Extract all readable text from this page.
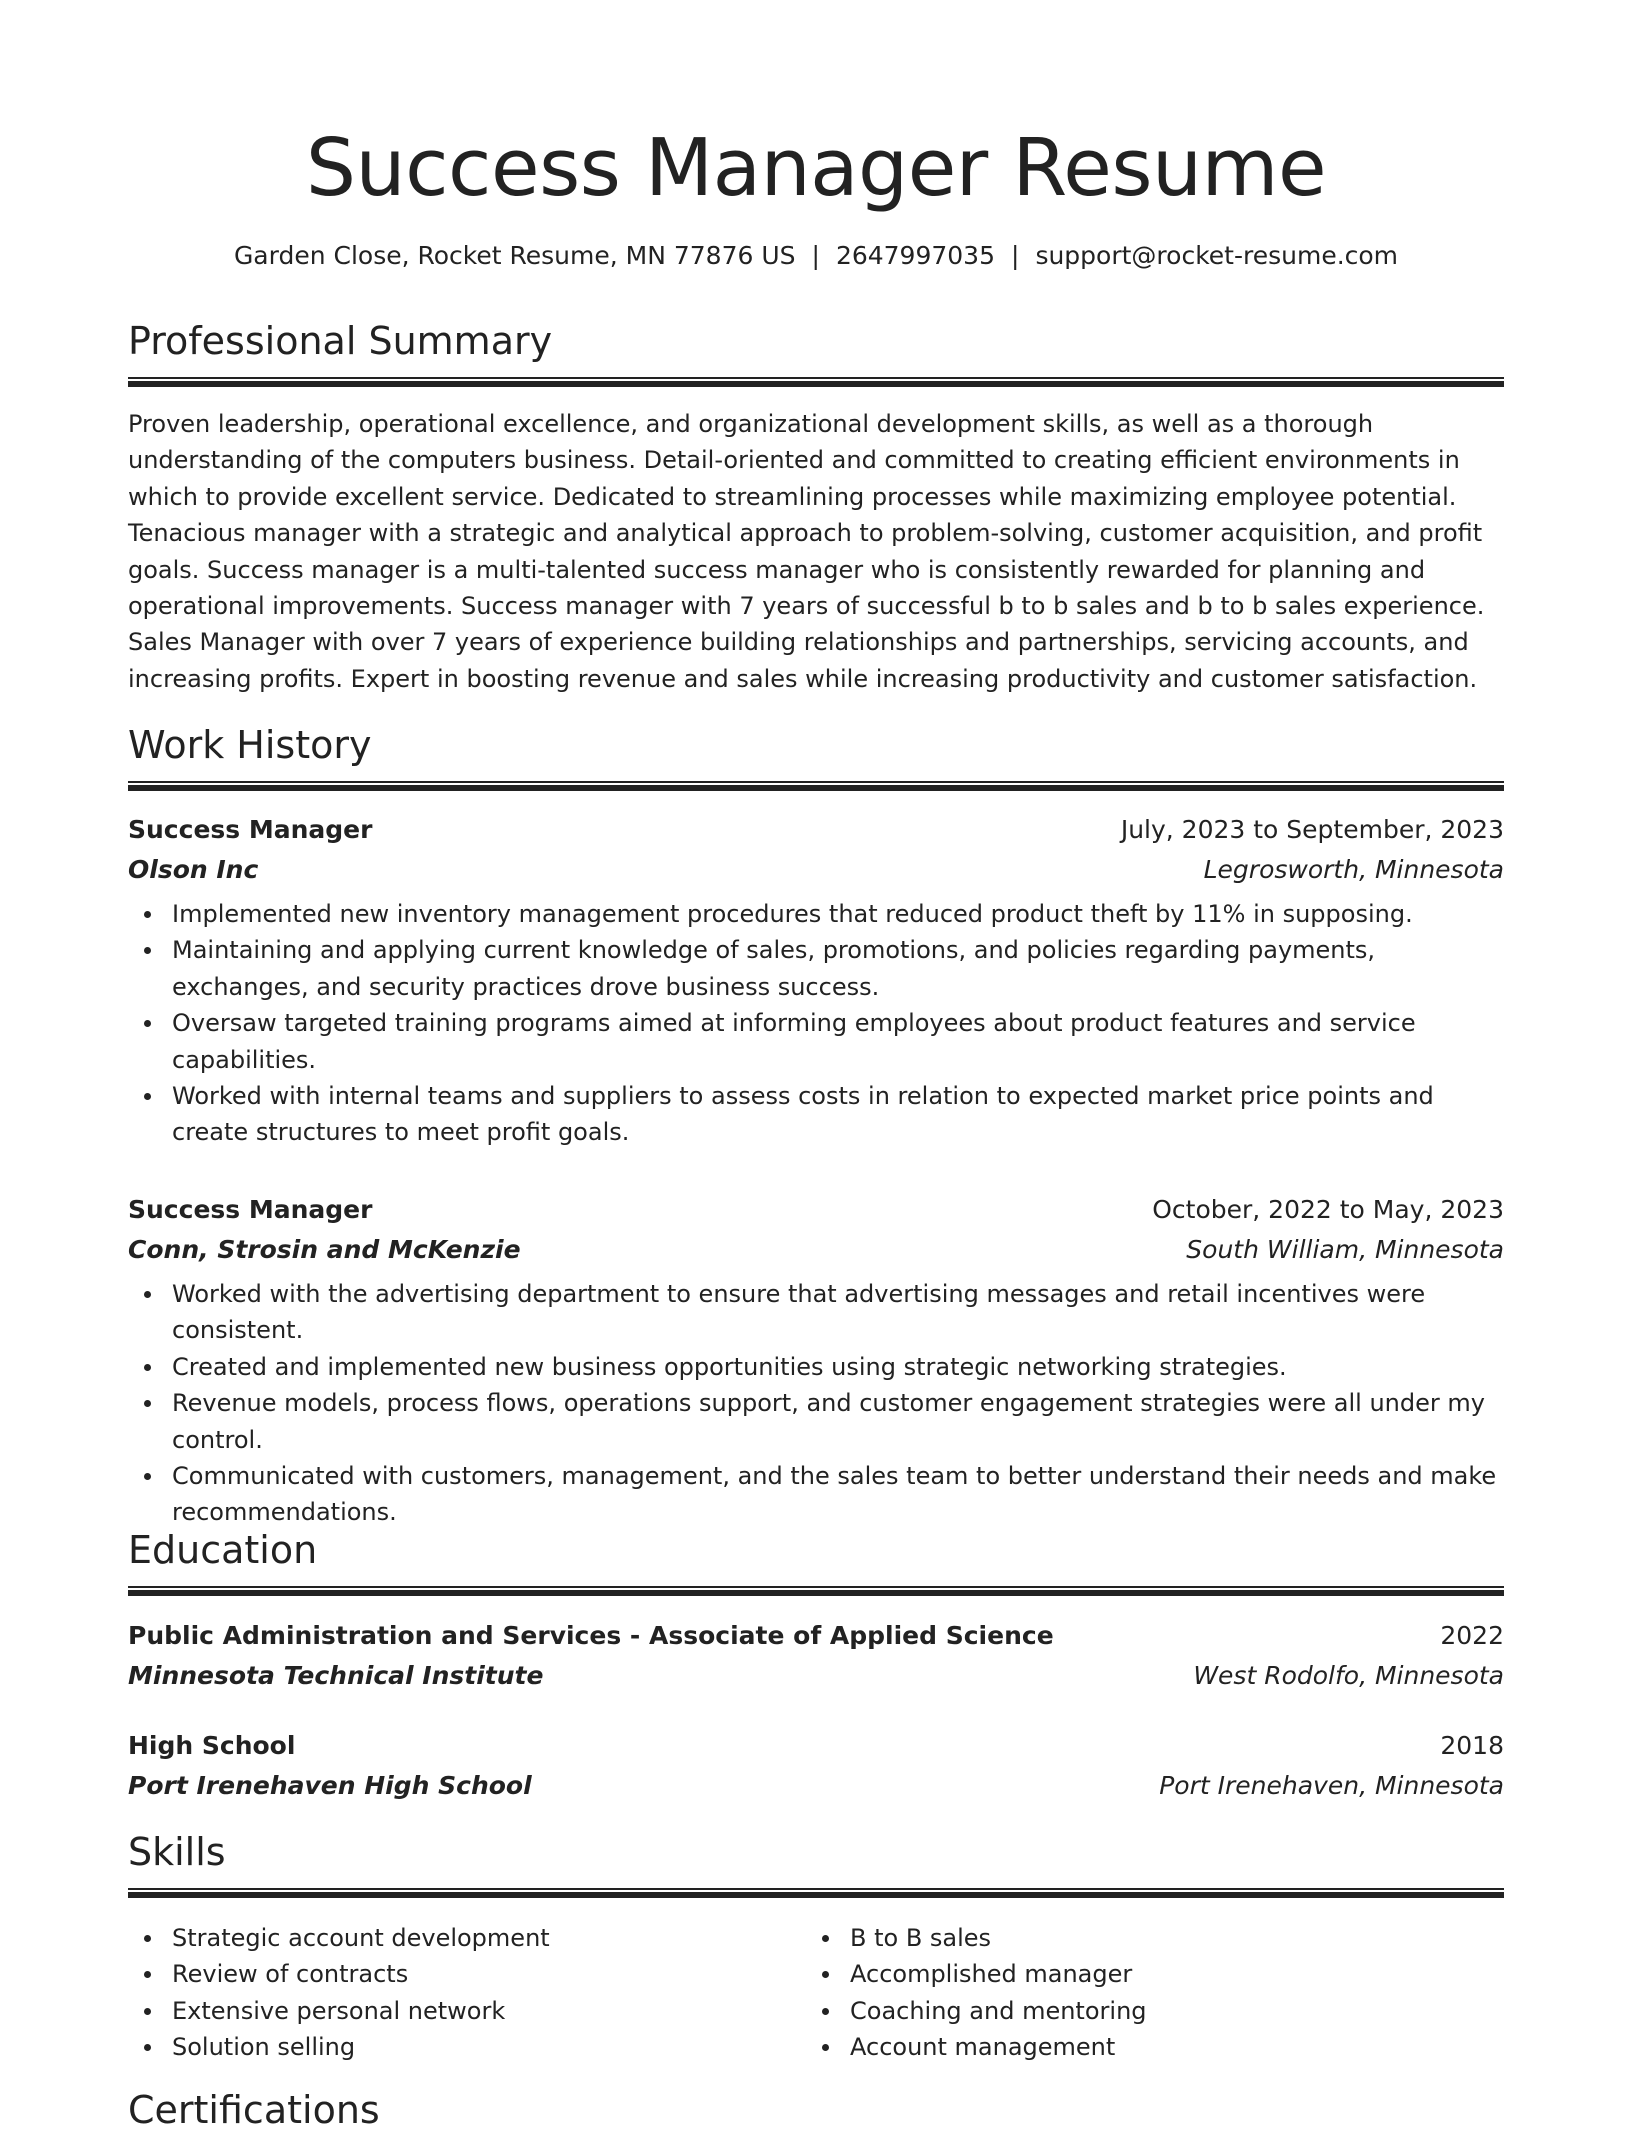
Success Manager Resume
Garden Close, Rocket Resume, MN 77876 US | 2647997035 | support@rocket-resume.com
Professional Summary

Proven leadership, operational excellence, and organizational development skills, as well as a thorough understanding of the computers business. Detail-oriented and committed to creating efficient environments in which to provide excellent service. Dedicated to streamlining processes while maximizing employee potential. Tenacious manager with a strategic and analytical approach to problem-solving, customer acquisition, and profit goals. Success manager is a multi-talented success manager who is consistently rewarded for planning and operational improvements. Success manager with 7 years of successful b to b sales and b to b sales experience. Sales Manager with over 7 years of experience building relationships and partnerships, servicing accounts, and increasing profits. Expert in boosting revenue and sales while increasing productivity and customer satisfaction.

Work History
Success Manager	July, 2023 to September, 2023
Olson Inc	Legrosworth, Minnesota
Implemented new inventory management procedures that reduced product theft by 11% in supposing.
Maintaining and applying current knowledge of sales, promotions, and policies regarding payments, exchanges, and security practices drove business success.
Oversaw targeted training programs aimed at informing employees about product features and service capabilities.
Worked with internal teams and suppliers to assess costs in relation to expected market price points and create structures to meet profit goals.
Success Manager	October, 2022 to May, 2023
Conn, Strosin and McKenzie	South William, Minnesota
Worked with the advertising department to ensure that advertising messages and retail incentives were consistent.
Created and implemented new business opportunities using strategic networking strategies.
Revenue models, process flows, operations support, and customer engagement strategies were all under my control.
Communicated with customers, management, and the sales team to better understand their needs and make recommendations.
Education
Public Administration and Services - Associate of Applied Science	2022
Minnesota Technical Institute	West Rodolfo, Minnesota
High School	2018
Port Irenehaven High School	Port Irenehaven, Minnesota
Skills
Strategic account development
Review of contracts
Extensive personal network
Solution selling
B to B sales
Accomplished manager
Coaching and mentoring
Account management
Certifications
